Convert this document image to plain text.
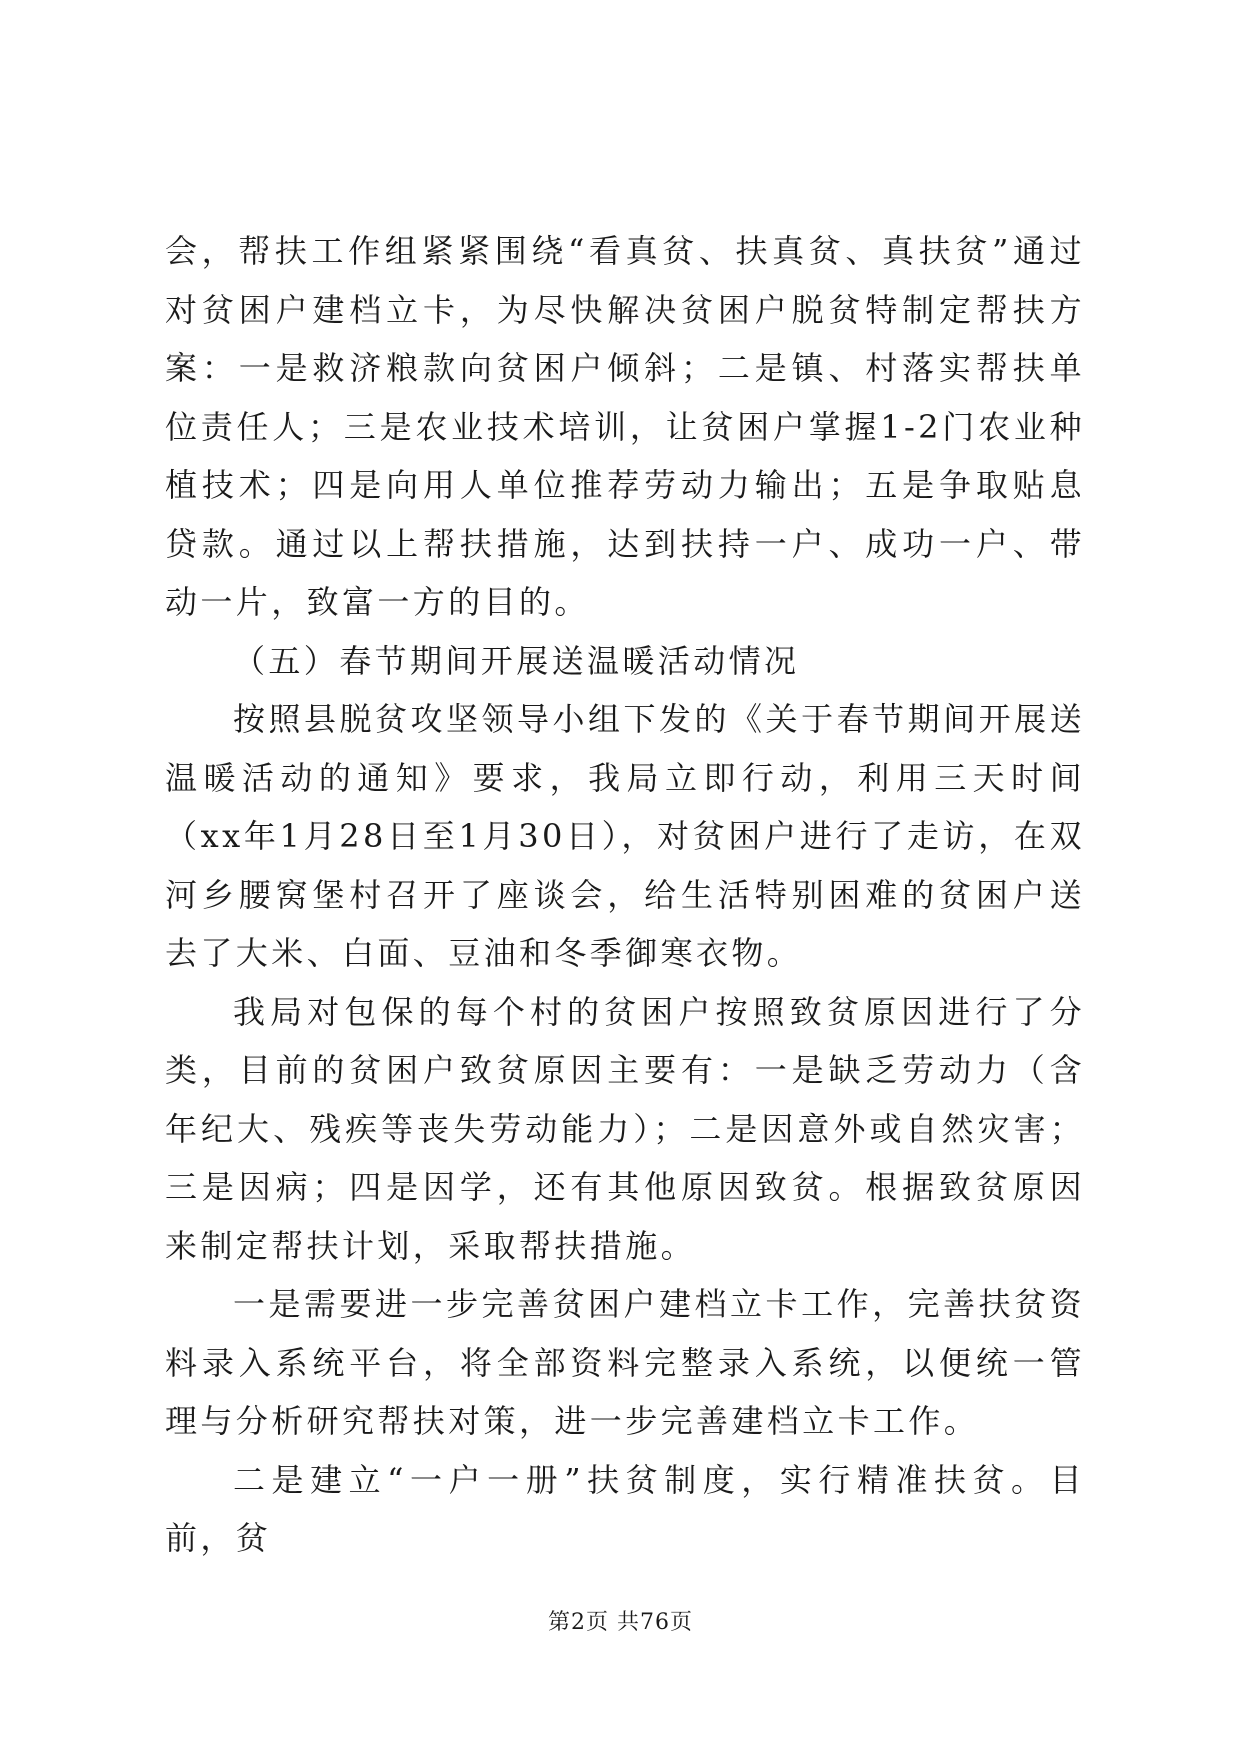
会，帮扶工作组紧紧围绕“看真贫、扶真贫、真扶贫”通过对贫困户建档立卡，为尽快解决贫困户脱贫特制定帮扶方案：一是救济粮款向贫困户倾斜；二是镇、村落实帮扶单位责任人；三是农业技术培训，让贫困户掌握1-2门农业种植技术；四是向用人单位推荐劳动力输出；五是争取贴息贷款。通过以上帮扶措施，达到扶持一户、成功一户、带动一片，致富一方的目的。

（五）春节期间开展送温暖活动情况

按照县脱贫攻坚领导小组下发的《关于春节期间开展送温暖活动的通知》要求，我局立即行动，利用三天时间（xx年1月28日至1月30日），对贫困户进行了走访，在双河乡腰窝堡村召开了座谈会，给生活特别困难的贫困户送去了大米、白面、豆油和冬季御寒衣物。

我局对包保的每个村的贫困户按照致贫原因进行了分类，目前的贫困户致贫原因主要有：一是缺乏劳动力（含年纪大、残疾等丧失劳动能力）；二是因意外或自然灾害；三是因病；四是因学，还有其他原因致贫。根据致贫原因来制定帮扶计划，采取帮扶措施。

一是需要进一步完善贫困户建档立卡工作，完善扶贫资料录入系统平台，将全部资料完整录入系统，以便统一管理与分析研究帮扶对策，进一步完善建档立卡工作。

二是建立“一户一册”扶贫制度，实行精准扶贫。目前，贫

第2页 共76页
